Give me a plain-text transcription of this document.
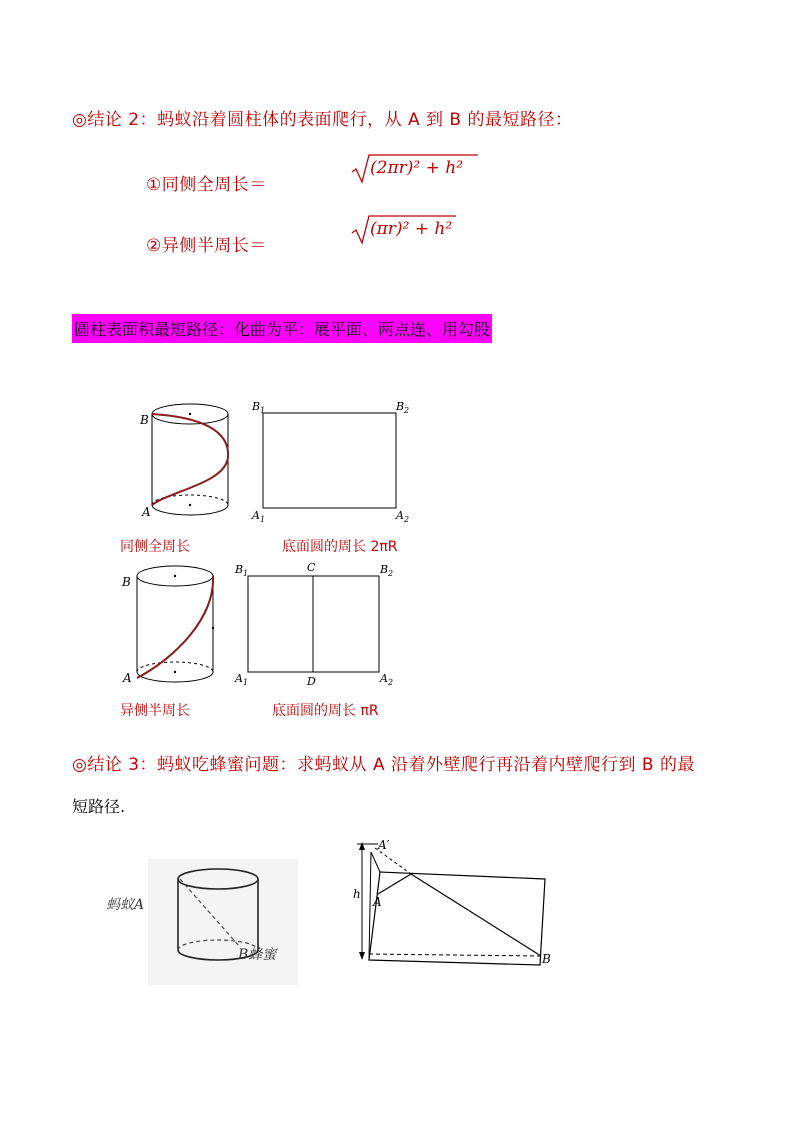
◎结论 2：蚂蚁沿着圆柱体的表面爬行，从 A 到 B 的最短路径：
①同侧全周长＝
(2πr)² + h²
②异侧半周长＝
(πr)² + h²
圆柱表面积最短路径：化曲为平：展平面、两点连、用勾股
B
A
B 1	B 2
A 1	A 2
同侧全周长	底面圆的周长 2πR
B
A
C
D
B 1	B 2
A 1	A 2
异侧半周长	底面圆的周长 πR
◎结论 3：蚂蚁吃蜂蜜问题：求蚂蚁从 A 沿着外壁爬行再沿着内壁爬行到 B 的最
短路径.
蚂蚁A
B蜂蜜
h
A′
A
B
